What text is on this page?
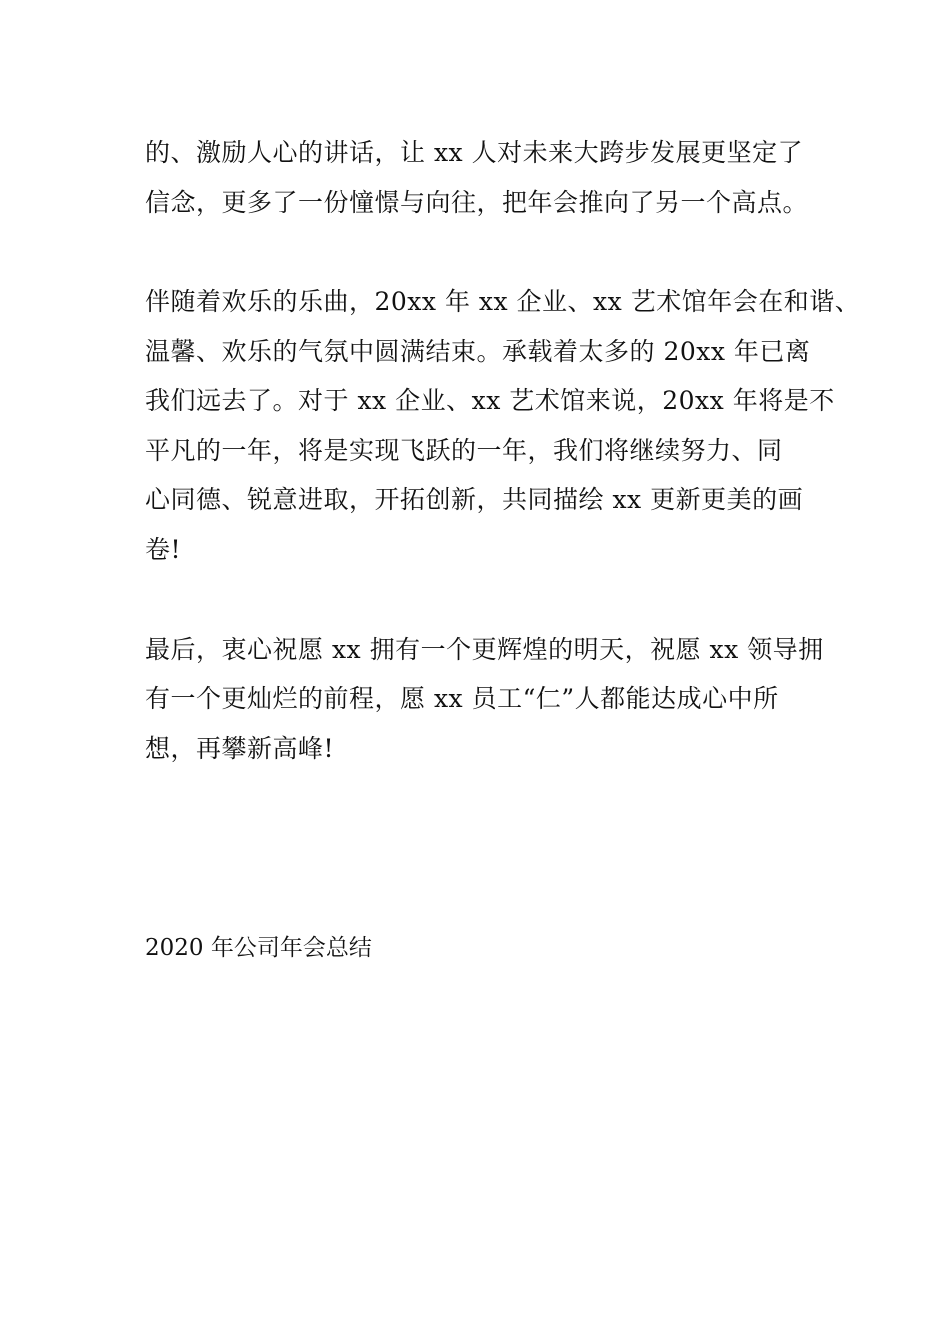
的、激励人心的讲话，让 xx 人对未来大跨步发展更坚定了
信念，更多了一份憧憬与向往，把年会推向了另一个高点。
伴随着欢乐的乐曲，20xx 年 xx 企业、xx 艺术馆年会在和谐、
温馨、欢乐的气氛中圆满结束。承载着太多的 20xx 年已离
我们远去了。对于 xx 企业、xx 艺术馆来说，20xx 年将是不
平凡的一年，将是实现飞跃的一年，我们将继续努力、同
心同德、锐意进取，开拓创新，共同描绘 xx 更新更美的画
卷!
最后，衷心祝愿 xx 拥有一个更辉煌的明天，祝愿 xx 领导拥
有一个更灿烂的前程，愿 xx 员工“仁”人都能达成心中所
想，再攀新高峰!
2020 年公司年会总结
